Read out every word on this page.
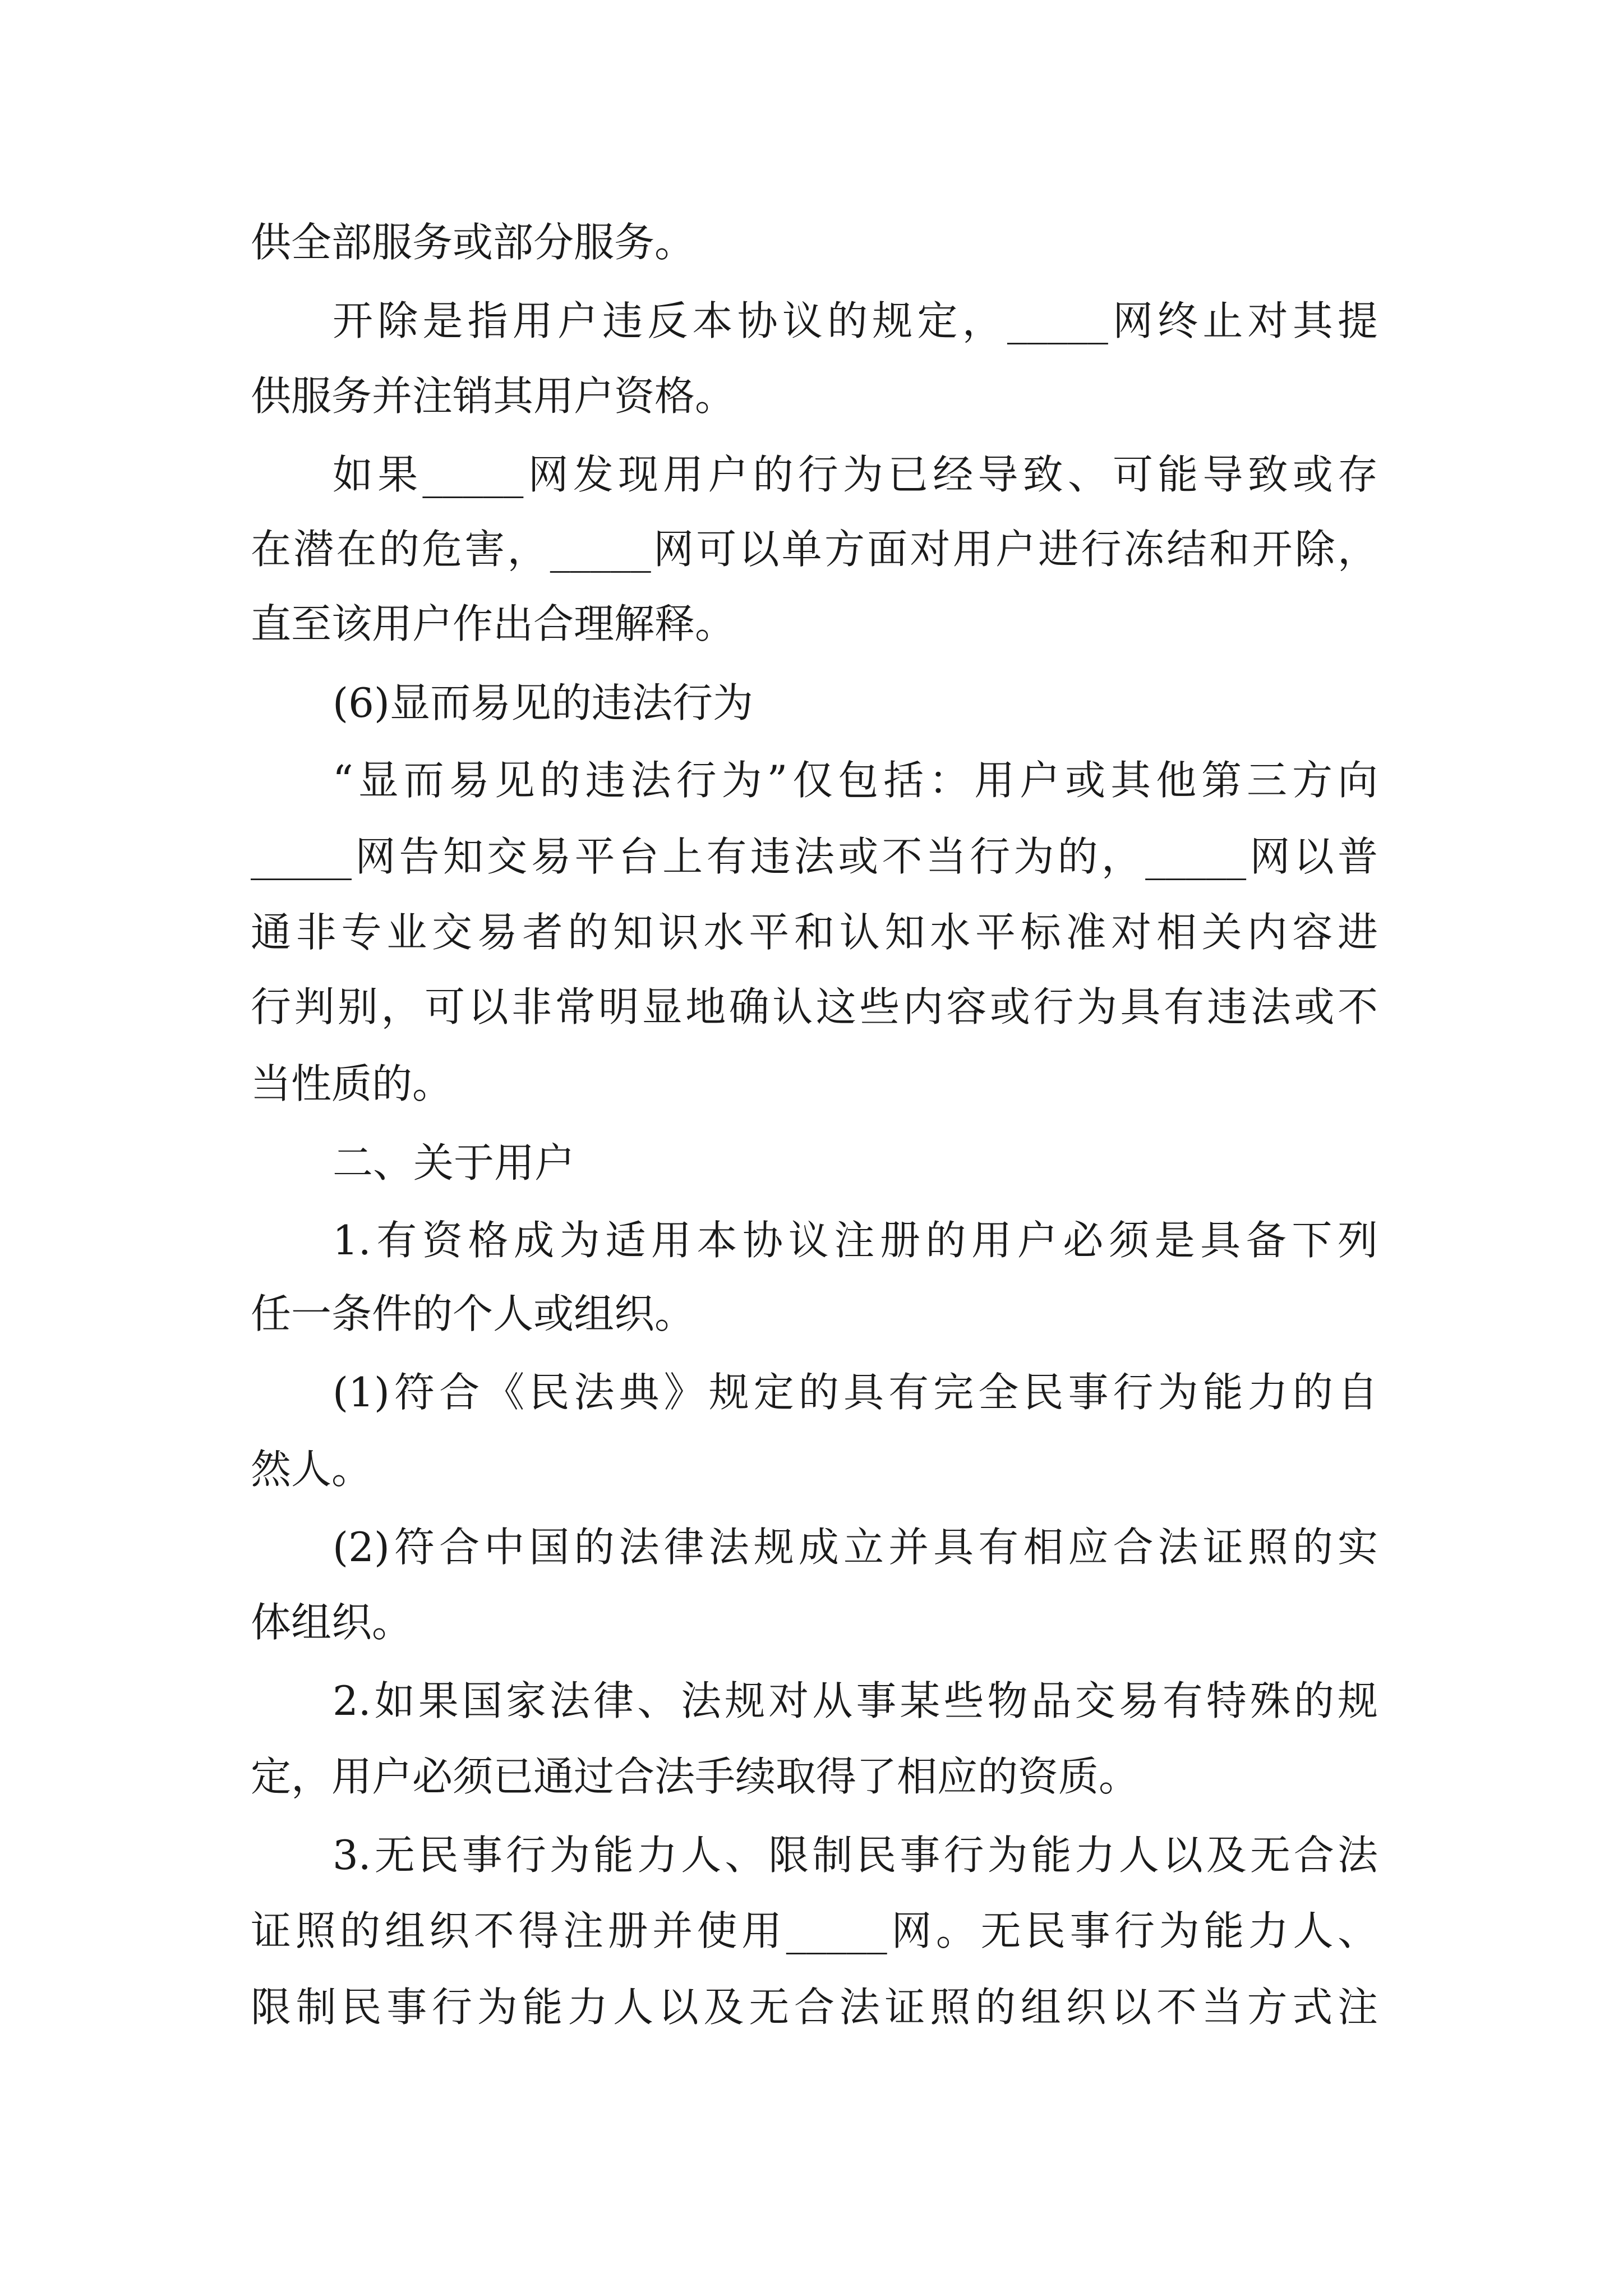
供全部服务或部分服务。
开除是指用户违反本协议的规定，_____网终止对其提
供服务并注销其用户资格。
如果_____网发现用户的行为已经导致、可能导致或存
在潜在的危害，_____网可以单方面对用户进行冻结和开除，
直至该用户作出合理解释。
(6)显而易见的违法行为
“显而易见的违法行为”仅包括：用户或其他第三方向
_____网告知交易平台上有违法或不当行为的，_____网以普
通非专业交易者的知识水平和认知水平标准对相关内容进
行判别，可以非常明显地确认这些内容或行为具有违法或不
当性质的。
二、关于用户
1.有资格成为适用本协议注册的用户必须是具备下列
任一条件的个人或组织。
(1)符合《民法典》规定的具有完全民事行为能力的自
然人。
(2)符合中国的法律法规成立并具有相应合法证照的实
体组织。
2.如果国家法律、法规对从事某些物品交易有特殊的规
定，用户必须已通过合法手续取得了相应的资质。
3.无民事行为能力人、限制民事行为能力人以及无合法
证照的组织不得注册并使用_____网。无民事行为能力人、
限制民事行为能力人以及无合法证照的组织以不当方式注
